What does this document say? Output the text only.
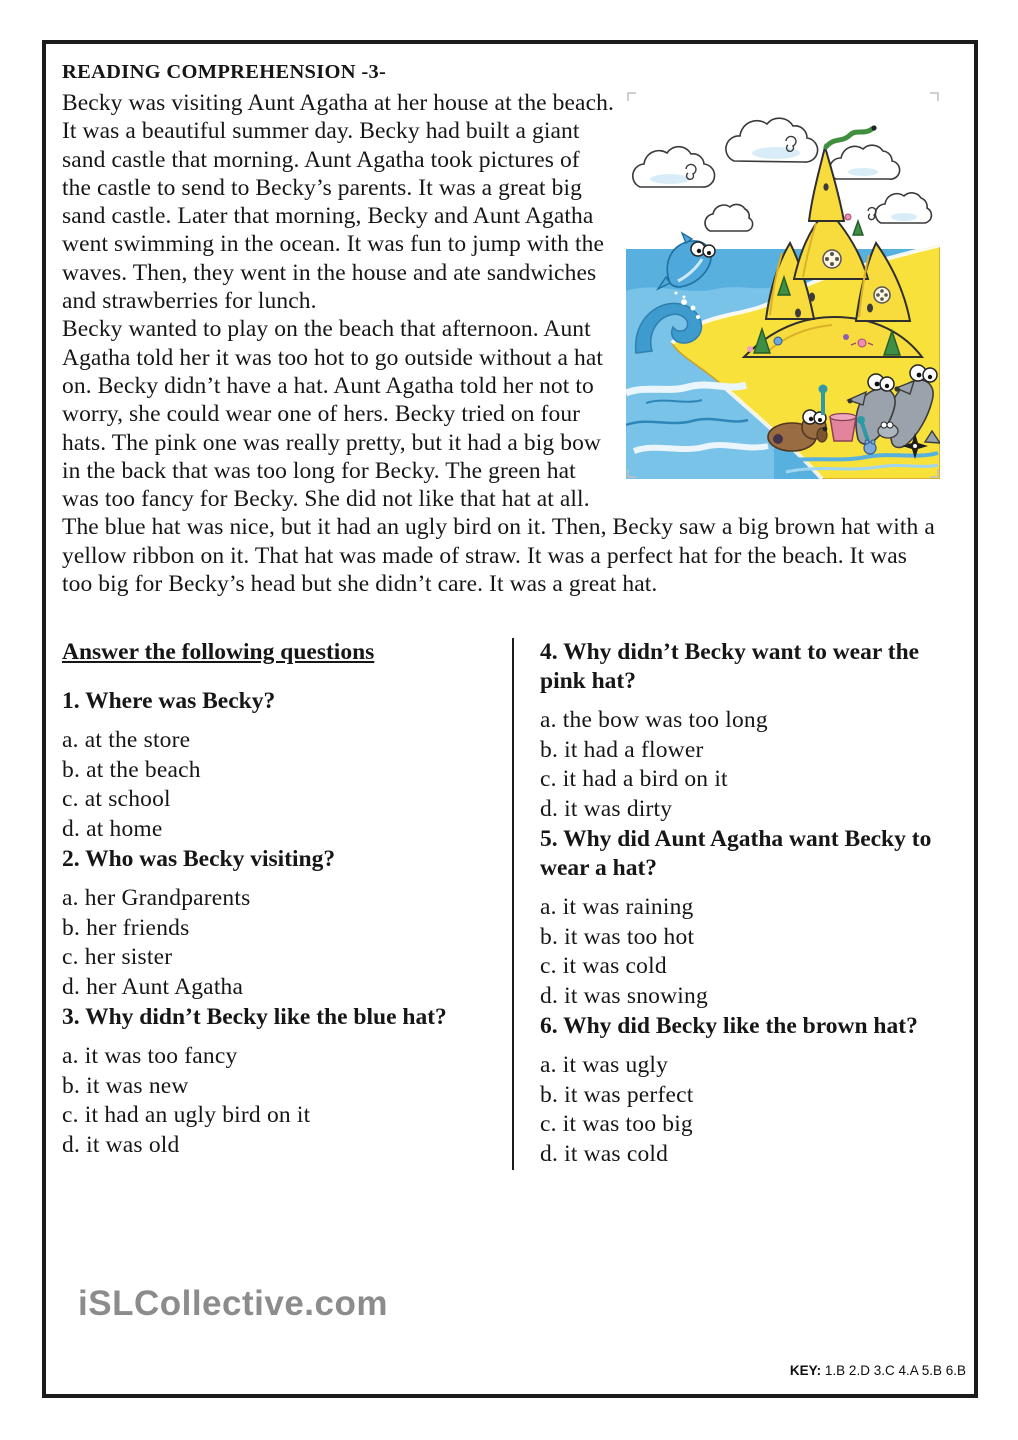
READING COMPREHENSION -3-

Becky was visiting Aunt Agatha at her house at the beach. It was a beautiful summer day. Becky had built a giant sand castle that morning. Aunt Agatha took pictures of the castle to send to Becky’s parents. It was a great big sand castle. Later that morning, Becky and Aunt Agatha went swimming in the ocean. It was fun to jump with the waves. Then, they went in the house and ate sandwiches and strawberries for lunch.

Becky wanted to play on the beach that afternoon. Aunt Agatha told her it was too hot to go outside without a hat on. Becky didn’t have a hat. Aunt Agatha told her not to worry, she could wear one of hers. Becky tried on four hats. The pink one was really pretty, but it had a big bow in the back that was too long for Becky. The green hat was too fancy for Becky. She did not like that hat at all. The blue hat was nice, but it had an ugly bird on it. Then, Becky saw a big brown hat with a yellow ribbon on it. That hat was made of straw. It was a perfect hat for the beach. It was too big for Becky’s head but she didn’t care. It was a great hat.

Answer the following questions

1. Where was Becky?

a. at the store
b. at the beach
c. at school
d. at home

2. Who was Becky visiting?

a. her Grandparents
b. her friends
c. her sister
d. her Aunt Agatha

3. Why didn’t Becky like the blue hat?

a. it was too fancy
b. it was new
c. it had an ugly bird on it
d. it was old

4. Why didn’t Becky want to wear the pink hat?

a. the bow was too long
b. it had a flower
c. it had a bird on it
d. it was dirty

5. Why did Aunt Agatha want Becky to wear a hat?

a. it was raining
b. it was too hot
c. it was cold
d. it was snowing

6. Why did Becky like the brown hat?

a. it was ugly
b. it was perfect
c. it was too big
d. it was cold
iSLCollective.com
KEY: 1.B 2.D 3.C 4.A 5.B 6.B
